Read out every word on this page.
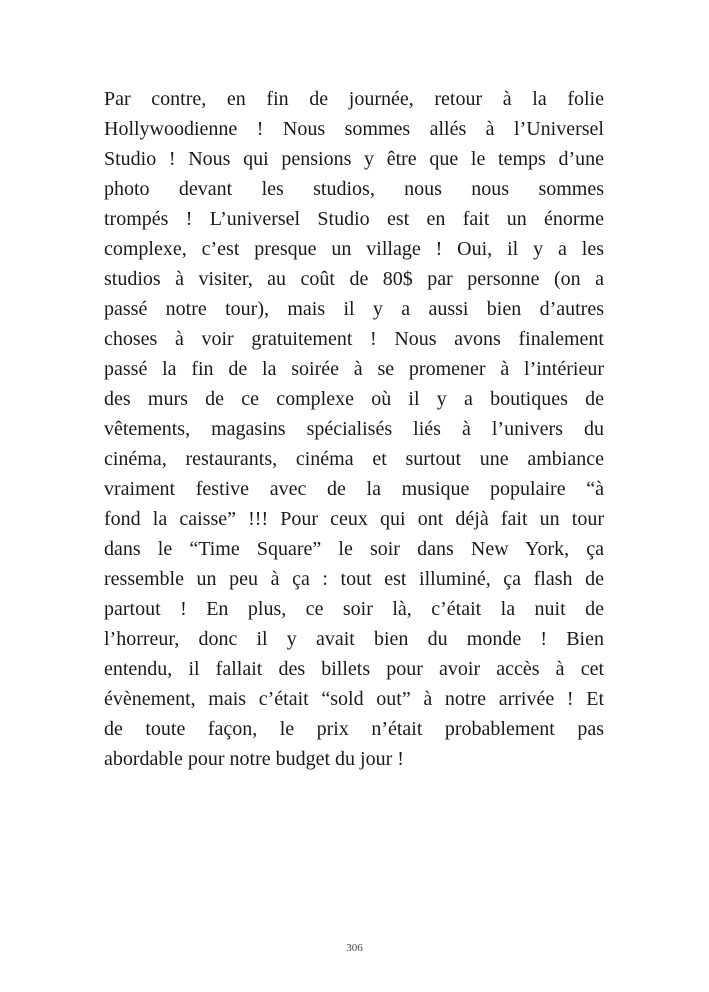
Par contre, en fin de journée, retour à la folie
Hollywoodienne ! Nous sommes allés à l’Universel
Studio ! Nous qui pensions y être que le temps d’une
photo devant les studios, nous nous sommes
trompés ! L’universel Studio est en fait un énorme
complexe, c’est presque un village ! Oui, il y a les
studios à visiter, au coût de 80$ par personne (on a
passé notre tour), mais il y a aussi bien d’autres
choses à voir gratuitement ! Nous avons finalement
passé la fin de la soirée à se promener à l’intérieur
des murs de ce complexe où il y a boutiques de
vêtements, magasins spécialisés liés à l’univers du
cinéma, restaurants, cinéma et surtout une ambiance
vraiment festive avec de la musique populaire “à
fond la caisse” !!! Pour ceux qui ont déjà fait un tour
dans le “Time Square” le soir dans New York, ça
ressemble un peu à ça : tout est illuminé, ça flash de
partout ! En plus, ce soir là, c’était la nuit de
l’horreur, donc il y avait bien du monde ! Bien
entendu, il fallait des billets pour avoir accès à cet
évènement, mais c’était “sold out” à notre arrivée ! Et
de toute façon, le prix n’était probablement pas
abordable pour notre budget du jour !
306
